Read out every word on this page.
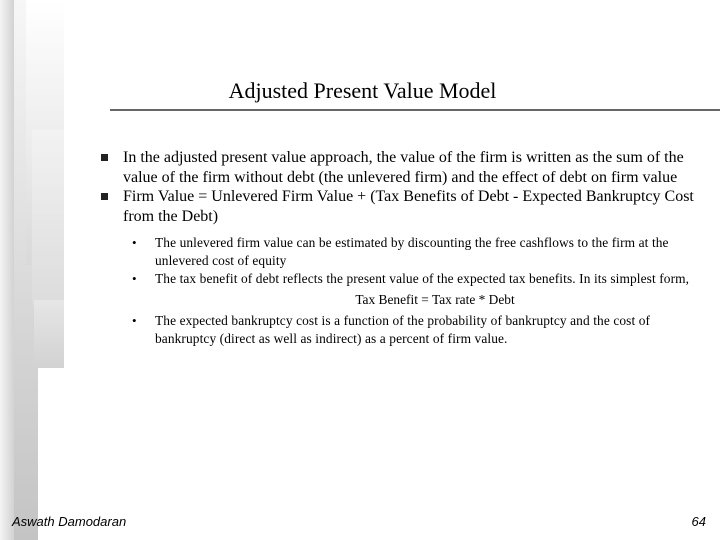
Adjusted Present Value Model
In the adjusted present value approach, the value of the firm is written as the sum of the value of the firm without debt (the unlevered firm) and the effect of debt on firm value
Firm Value = Unlevered Firm Value + (Tax Benefits of Debt - Expected Bankruptcy Cost from the Debt)
• The unlevered firm value can be estimated by discounting the free cashflows to the firm at the unlevered cost of equity
• The tax benefit of debt reflects the present value of the expected tax benefits. In its simplest form,
Tax Benefit = Tax rate * Debt
• The expected bankruptcy cost is a function of the probability of bankruptcy and the cost of bankruptcy (direct as well as indirect) as a percent of firm value.
Aswath Damodaran	64
